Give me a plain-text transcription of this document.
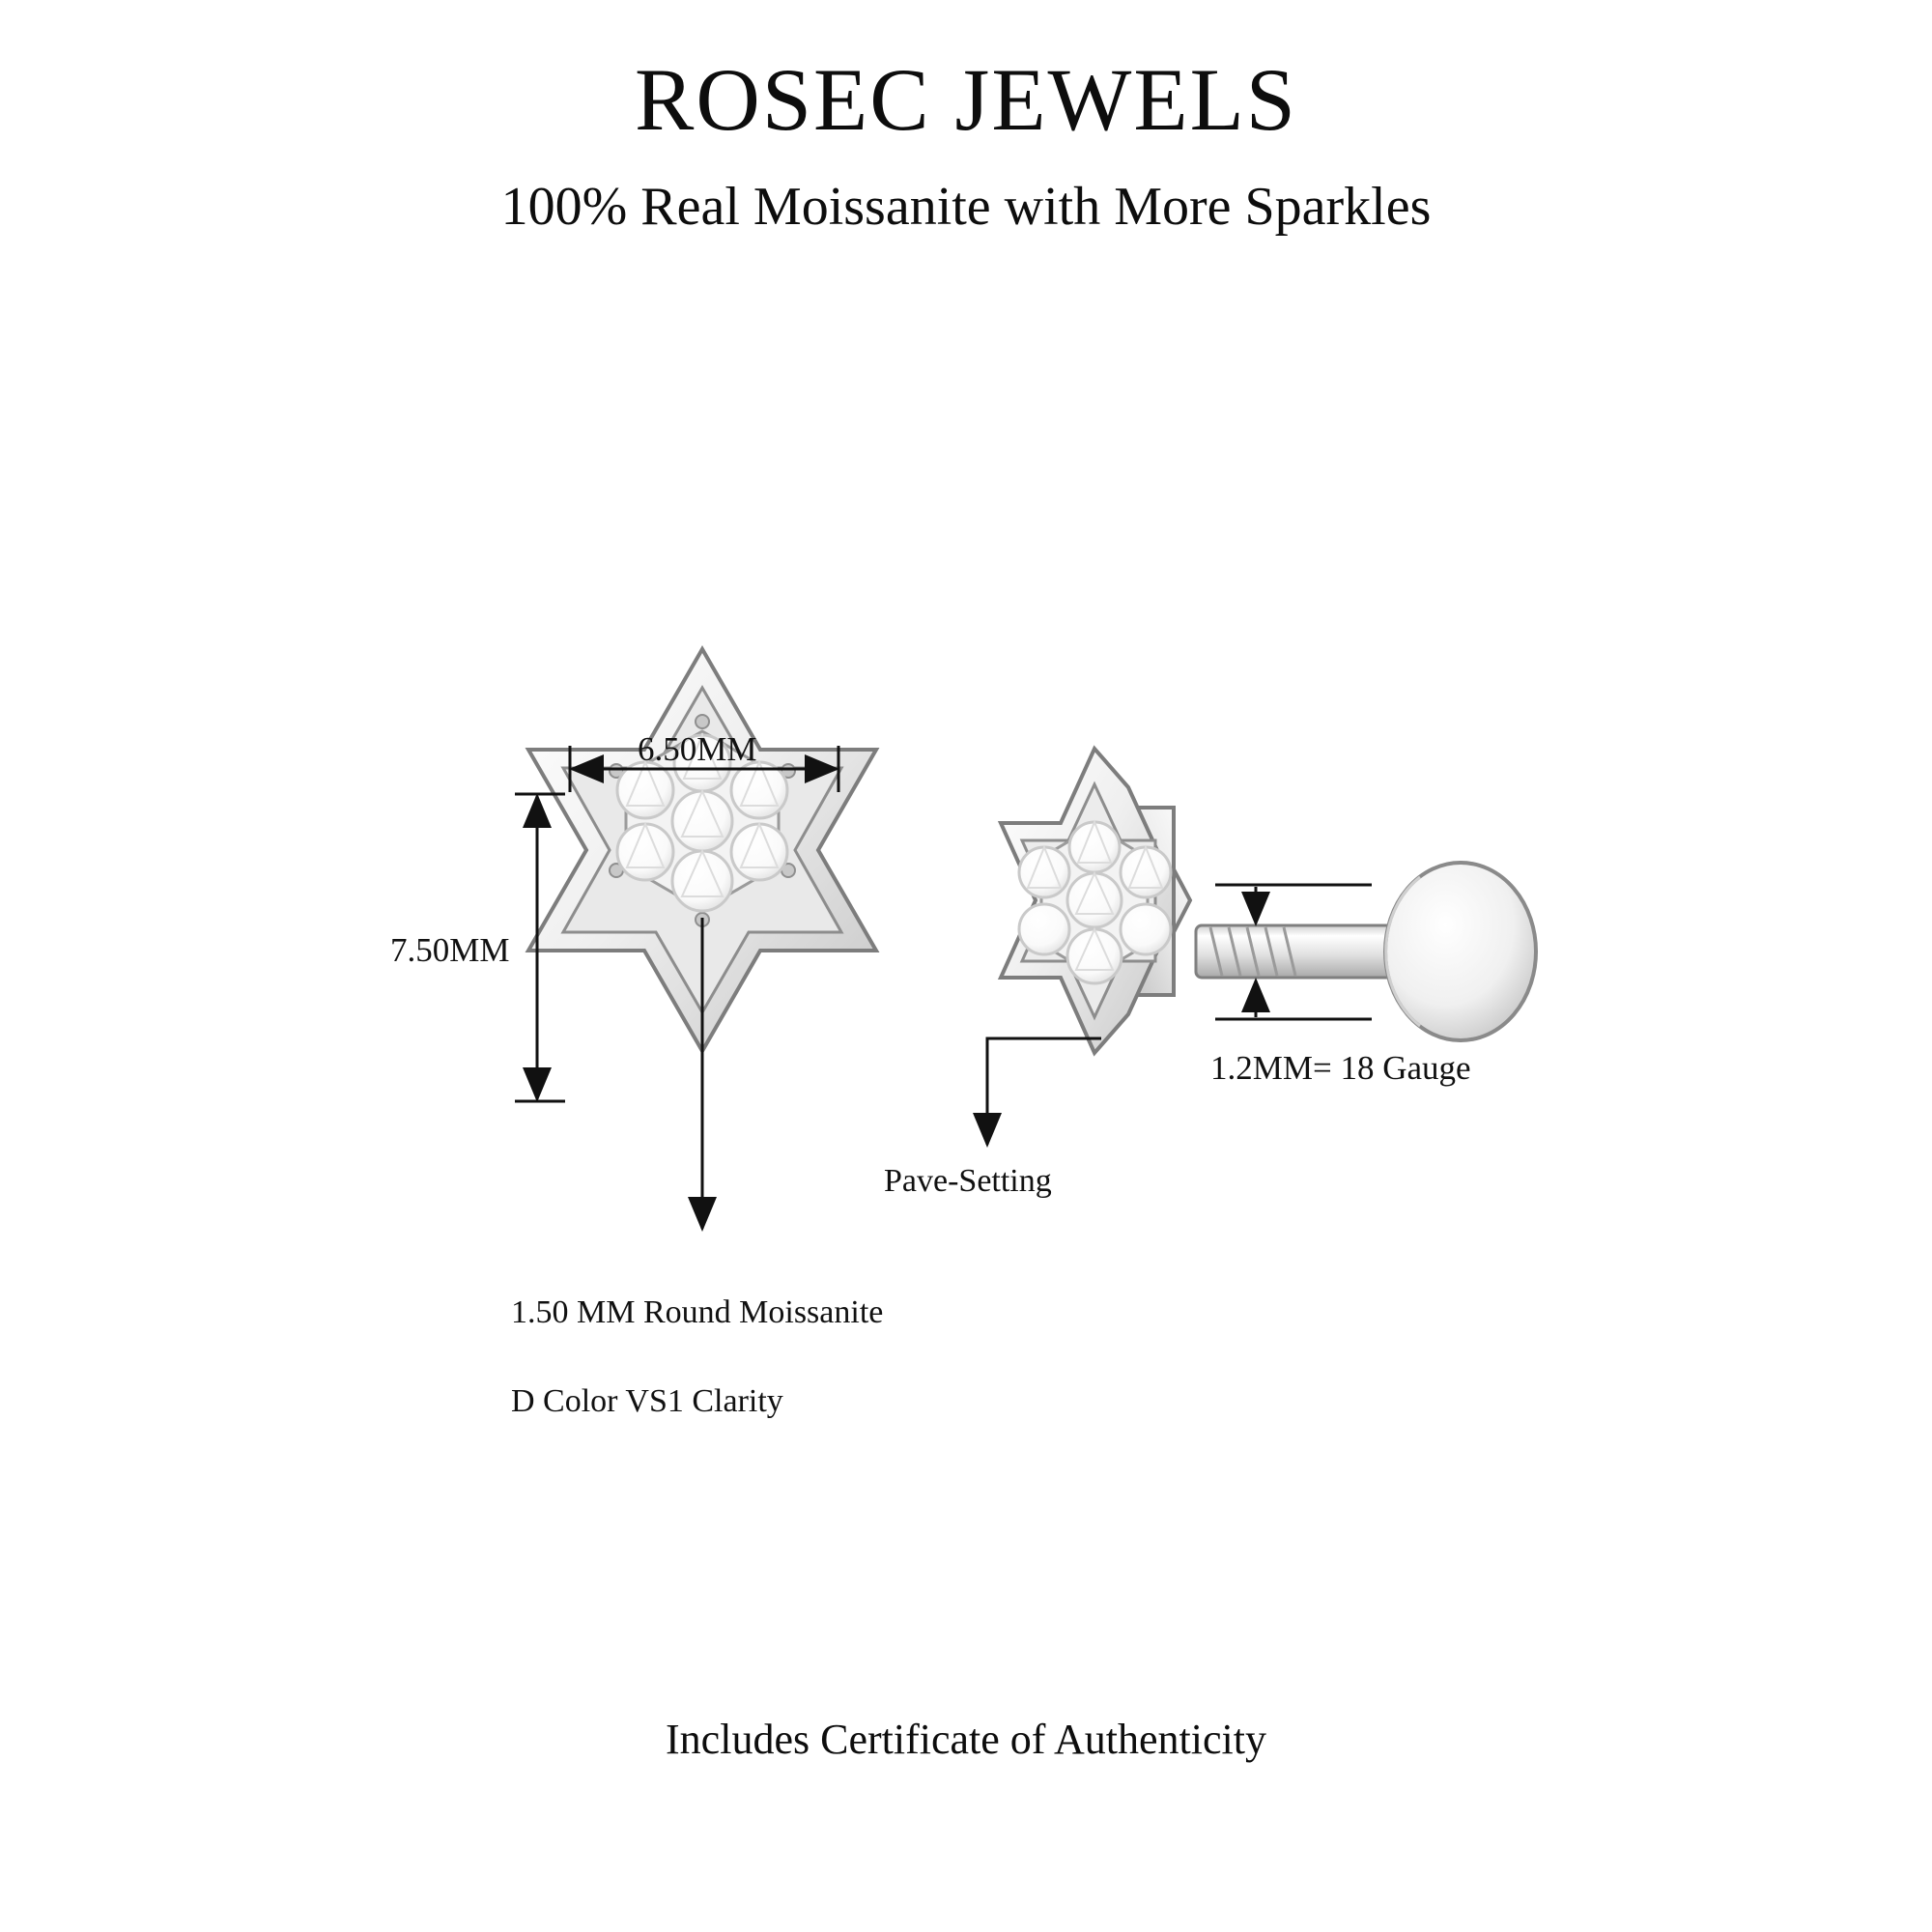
ROSEC JEWELS
100% Real Moissanite with More Sparkles
6.50MM
7.50MM
1.2MM= 18 Gauge
Pave-Setting

1.50 MM Round Moissanite

D Color VS1 Clarity

Includes Certificate of Authenticity
